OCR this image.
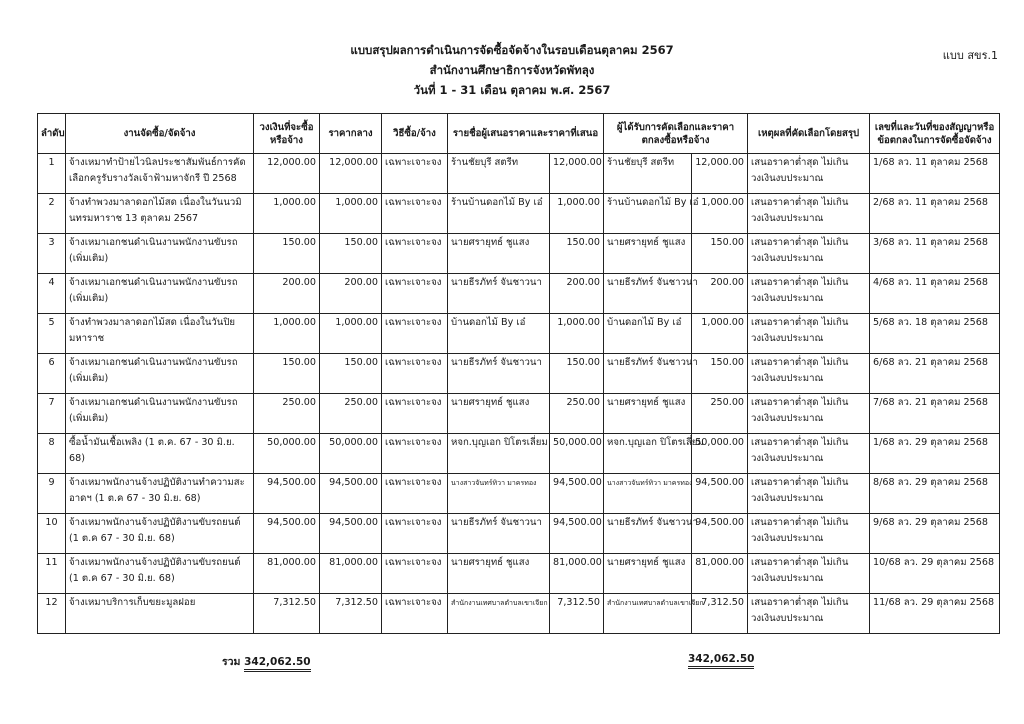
แบบ สขร.1
แบบสรุปผลการดำเนินการจัดซื้อจัดจ้างในรอบเดือนตุลาคม 2567
สำนักงานศึกษาธิการจังหวัดพัทลุง
วันที่ 1 - 31 เดือน ตุลาคม พ.ศ. 2567
ลำดับ	งานจัดซื้อ/จัดจ้าง	วงเงินที่จะซื้อหรือจ้าง	ราคากลาง	วิธีซื้อ/จ้าง	รายชื่อผู้เสนอราคาและราคาที่เสนอ		ผู้ได้รับการคัดเลือกและราคาตกลงซื้อหรือจ้าง		เหตุผลที่คัดเลือกโดยสรุป	เลขที่และวันที่ของสัญญาหรือข้อตกลงในการจัดซื้อจัดจ้าง
1	จ้างเหมาทำป้ายไวนิลประชาสัมพันธ์การคัดเลือกครูรับรางวัลเจ้าฟ้ามหาจักรี ปี 2568	12,000.00	12,000.00	เฉพาะเจาะจง	ร้านชัยบุรี สตรีท	12,000.00	ร้านชัยบุรี สตรีท	12,000.00	เสนอราคาต่ำสุด ไม่เกินวงเงินงบประมาณ	1/68 ลว. 11 ตุลาคม 2568
2	จ้างทำพวงมาลาดอกไม้สด เนื่องในวันนวมินทรมหาราช 13 ตุลาคม 2567	1,000.00	1,000.00	เฉพาะเจาะจง	ร้านบ้านดอกไม้ By เอ๋	1,000.00	ร้านบ้านดอกไม้ By เอ๋	1,000.00	เสนอราคาต่ำสุด ไม่เกินวงเงินงบประมาณ	2/68 ลว. 11 ตุลาคม 2568
3	จ้างเหมาเอกชนดำเนินงานพนักงานขับรถ (เพิ่มเติม)	150.00	150.00	เฉพาะเจาะจง	นายศรายุทธ์ ชูแสง	150.00	นายศรายุทธ์ ชูแสง	150.00	เสนอราคาต่ำสุด ไม่เกินวงเงินงบประมาณ	3/68 ลว. 11 ตุลาคม 2568
4	จ้างเหมาเอกชนดำเนินงานพนักงานขับรถ (เพิ่มเติม)	200.00	200.00	เฉพาะเจาะจง	นายธีรภัทร์ จันชาวนา	200.00	นายธีรภัทร์ จันชาวนา	200.00	เสนอราคาต่ำสุด ไม่เกินวงเงินงบประมาณ	4/68 ลว. 11 ตุลาคม 2568
5	จ้างทำพวงมาลาดอกไม้สด เนื่องในวันปิยมหาราช	1,000.00	1,000.00	เฉพาะเจาะจง	บ้านดอกไม้ By เอ๋	1,000.00	บ้านดอกไม้ By เอ๋	1,000.00	เสนอราคาต่ำสุด ไม่เกินวงเงินงบประมาณ	5/68 ลว. 18 ตุลาคม 2568
6	จ้างเหมาเอกชนดำเนินงานพนักงานขับรถ (เพิ่มเติม)	150.00	150.00	เฉพาะเจาะจง	นายธีรภัทร์ จันชาวนา	150.00	นายธีรภัทร์ จันชาวนา	150.00	เสนอราคาต่ำสุด ไม่เกินวงเงินงบประมาณ	6/68 ลว. 21 ตุลาคม 2568
7	จ้างเหมาเอกชนดำเนินงานพนักงานขับรถ (เพิ่มเติม)	250.00	250.00	เฉพาะเจาะจง	นายศรายุทธ์ ชูแสง	250.00	นายศรายุทธ์ ชูแสง	250.00	เสนอราคาต่ำสุด ไม่เกินวงเงินงบประมาณ	7/68 ลว. 21 ตุลาคม 2568
8	ซื้อน้ำมันเชื้อเพลิง (1 ต.ค. 67 - 30 มิ.ย. 68)	50,000.00	50,000.00	เฉพาะเจาะจง	หจก.บุญเอก ปิโตรเลี่ยม	50,000.00	หจก.บุญเอก ปิโตรเลี่ยม	50,000.00	เสนอราคาต่ำสุด ไม่เกินวงเงินงบประมาณ	1/68 ลว. 29 ตุลาคม 2568
9	จ้างเหมาพนักงานจ้างปฏิบัติงานทำความสะอาดฯ (1 ต.ค 67 - 30 มิ.ย. 68)	94,500.00	94,500.00	เฉพาะเจาะจง	นางสาวจันทร์ทิวา มาครทอง	94,500.00	นางสาวจันทร์ทิวา มาครทอง	94,500.00	เสนอราคาต่ำสุด ไม่เกินวงเงินงบประมาณ	8/68 ลว. 29 ตุลาคม 2568
10	จ้างเหมาพนักงานจ้างปฏิบัติงานขับรถยนต์ (1 ต.ค 67 - 30 มิ.ย. 68)	94,500.00	94,500.00	เฉพาะเจาะจง	นายธีรภัทร์ จันชาวนา	94,500.00	นายธีรภัทร์ จันชาวนา	94,500.00	เสนอราคาต่ำสุด ไม่เกินวงเงินงบประมาณ	9/68 ลว. 29 ตุลาคม 2568
11	จ้างเหมาพนักงานจ้างปฏิบัติงานขับรถยนต์ (1 ต.ค 67 - 30 มิ.ย. 68)	81,000.00	81,000.00	เฉพาะเจาะจง	นายศรายุทธ์ ชูแสง	81,000.00	นายศรายุทธ์ ชูแสง	81,000.00	เสนอราคาต่ำสุด ไม่เกินวงเงินงบประมาณ	10/68 ลว. 29 ตุลาคม 2568
12	จ้างเหมาบริการเก็บขยะมูลฝอย	7,312.50	7,312.50	เฉพาะเจาะจง	สำนักงานเทศบาลตำบลเขาเจียก	7,312.50	สำนักงานเทศบาลตำบลเขาเจียก	7,312.50	เสนอราคาต่ำสุด ไม่เกินวงเงินงบประมาณ	11/68 ลว. 29 ตุลาคม 2568
รวม 342,062.50	342,062.50
